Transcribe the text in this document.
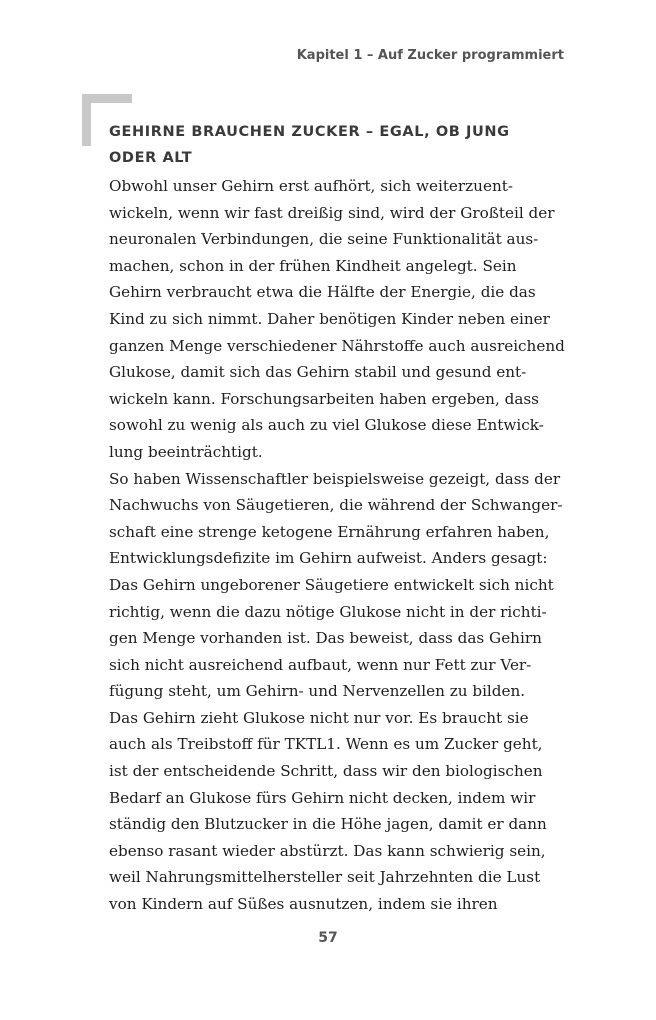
Kapitel 1 – Auf Zucker programmiert
GEHIRNE BRAUCHEN ZUCKER – EGAL, OB JUNG
ODER ALT
Obwohl unser Gehirn erst aufhört, sich weiterzuent-
wickeln, wenn wir fast dreißig sind, wird der Großteil der
neuronalen Verbindungen, die seine Funktionalität aus-
machen, schon in der frühen Kindheit angelegt. Sein
Gehirn verbraucht etwa die Hälfte der Energie, die das
Kind zu sich nimmt. Daher benötigen Kinder neben einer
ganzen Menge verschiedener Nährstoffe auch ausreichend
Glukose, damit sich das Gehirn stabil und gesund ent-
wickeln kann. Forschungsarbeiten haben ergeben, dass
sowohl zu wenig als auch zu viel Glukose diese Entwick-
lung beeinträchtigt.
So haben Wissenschaftler beispielsweise gezeigt, dass der
Nachwuchs von Säugetieren, die während der Schwanger-
schaft eine strenge ketogene Ernährung erfahren haben,
Entwicklungsdefizite im Gehirn aufweist. Anders gesagt:
Das Gehirn ungeborener Säugetiere entwickelt sich nicht
richtig, wenn die dazu nötige Glukose nicht in der richti-
gen Menge vorhanden ist. Das beweist, dass das Gehirn
sich nicht ausreichend aufbaut, wenn nur Fett zur Ver-
fügung steht, um Gehirn- und Nervenzellen zu bilden.
Das Gehirn zieht Glukose nicht nur vor. Es braucht sie
auch als Treibstoff für TKTL1. Wenn es um Zucker geht,
ist der entscheidende Schritt, dass wir den biologischen
Bedarf an Glukose fürs Gehirn nicht decken, indem wir
ständig den Blutzucker in die Höhe jagen, damit er dann
ebenso rasant wieder abstürzt. Das kann schwierig sein,
weil Nahrungsmittelhersteller seit Jahrzehnten die Lust
von Kindern auf Süßes ausnutzen, indem sie ihren
57
